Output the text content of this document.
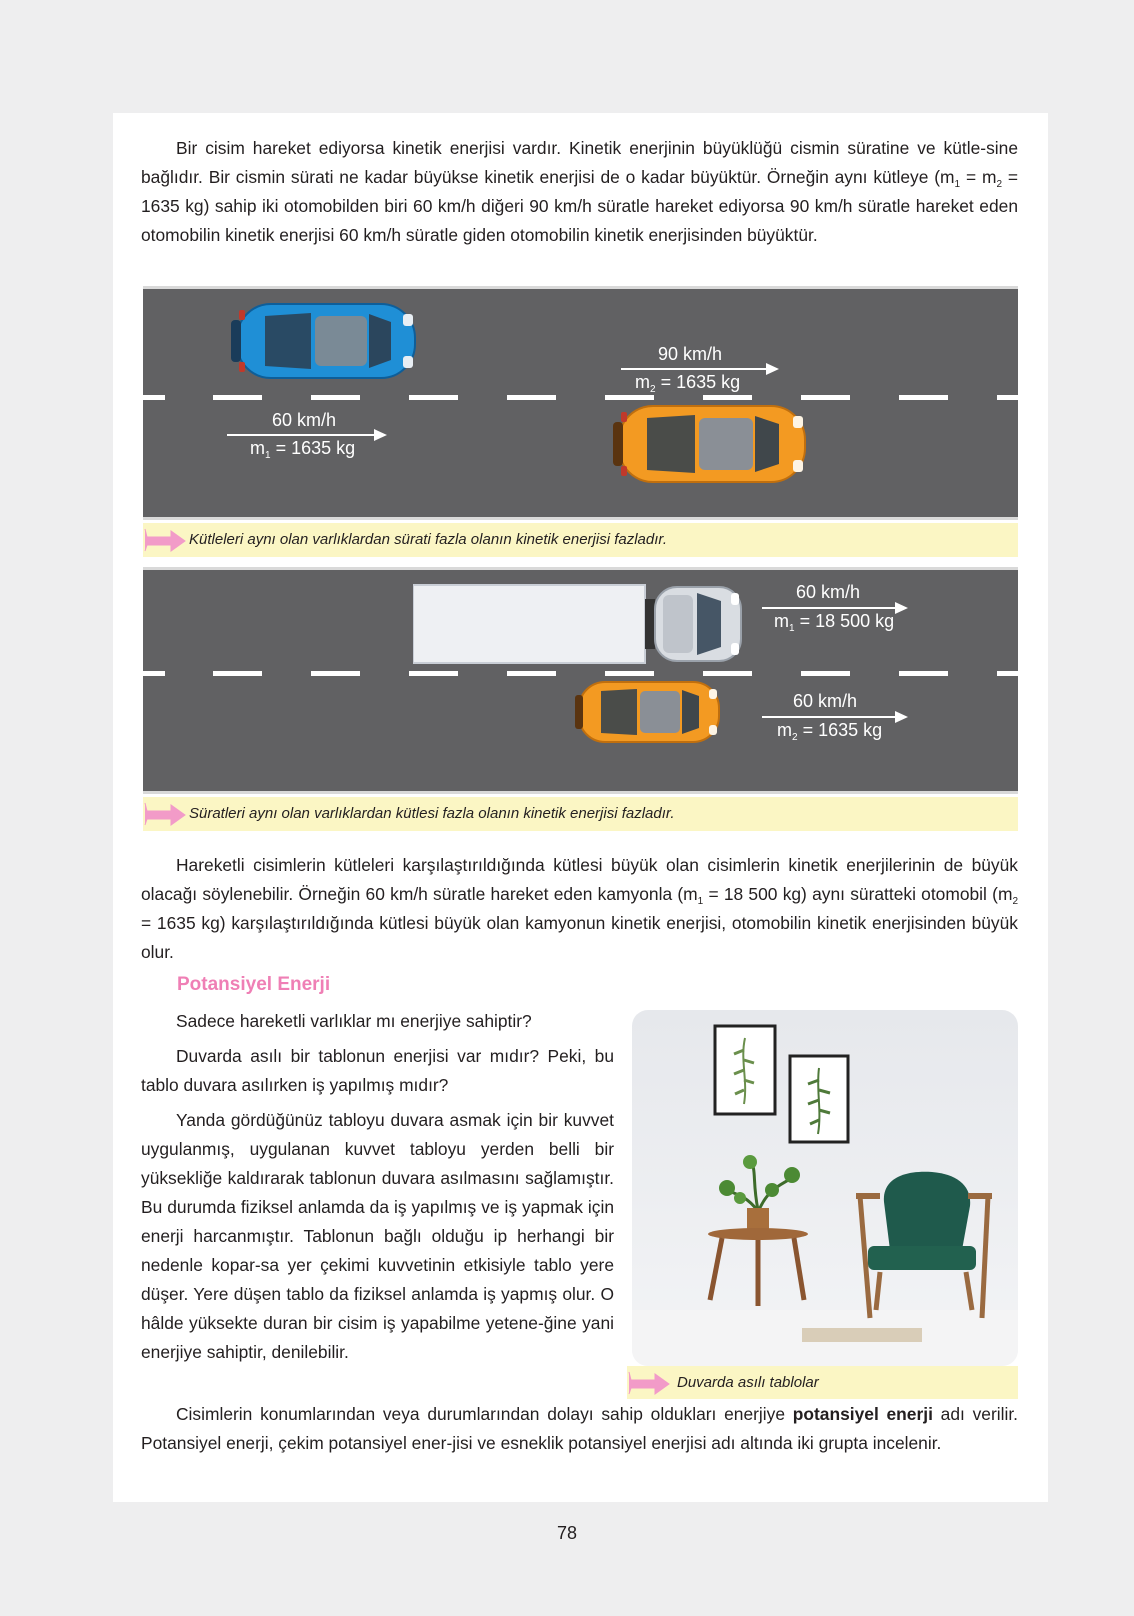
Bir cisim hareket ediyorsa kinetik enerjisi vardır. Kinetik enerjinin büyüklüğü cismin süratine ve kütle-sine bağlıdır. Bir cismin sürati ne kadar büyükse kinetik enerjisi de o kadar büyüktür. Örneğin aynı kütleye ($m_1 = m_2 = 1635$ kg) sahip iki otomobilden biri 60 km/h diğeri 90 km/h süratle hareket ediyorsa 90 km/h süratle hareket eden otomobilin kinetik enerjisi 60 km/h süratle giden otomobilin kinetik enerjisinden büyüktür.

60 km/h
$m_1 = 1635$ kg
90 km/h
$m_2 = 1635$ kg
Kütleleri aynı olan varlıklardan sürati fazla olanın kinetik enerjisi fazladır.
60 km/h
$m_1 = 18$ 500 kg
60 km/h
$m_2 = 1635$ kg
Süratleri aynı olan varlıklardan kütlesi fazla olanın kinetik enerjisi fazladır.

Hareketli cisimlerin kütleleri karşılaştırıldığında kütlesi büyük olan cisimlerin kinetik enerjilerinin de büyük olacağı söylenebilir. Örneğin 60 km/h süratle hareket eden kamyonla ($m_1 = 18$ 500 kg) aynı süratteki otomobil ($m_2 = 1635$ kg) karşılaştırıldığında kütlesi büyük olan kamyonun kinetik enerjisi, otomobilin kinetik enerjisinden büyük olur.

Potansiyel Enerji

Sadece hareketli varlıklar mı enerjiye sahiptir?

Duvarda asılı bir tablonun enerjisi var mıdır? Peki, bu tablo duvara asılırken iş yapılmış mıdır?

Yanda gördüğünüz tabloyu duvara asmak için bir kuvvet uygulanmış, uygulanan kuvvet tabloyu yerden belli bir yüksekliğe kaldırarak tablonun duvara asılmasını sağlamıştır. Bu durumda fiziksel anlamda da iş yapılmış ve iş yapmak için enerji harcanmıştır. Tablonun bağlı olduğu ip herhangi bir nedenle kopar-sa yer çekimi kuvvetinin etkisiyle tablo yere düşer. Yere düşen tablo da fiziksel anlamda iş yapmış olur. O hâlde yüksekte duran bir cisim iş yapabilme yetene-ğine yani enerjiye sahiptir, denilebilir.

Duvarda asılı tablolar

Cisimlerin konumlarından veya durumlarından dolayı sahip oldukları enerjiye potansiyel enerji adı verilir. Potansiyel enerji, çekim potansiyel ener-jisi ve esneklik potansiyel enerjisi adı altında iki grupta incelenir.

78
